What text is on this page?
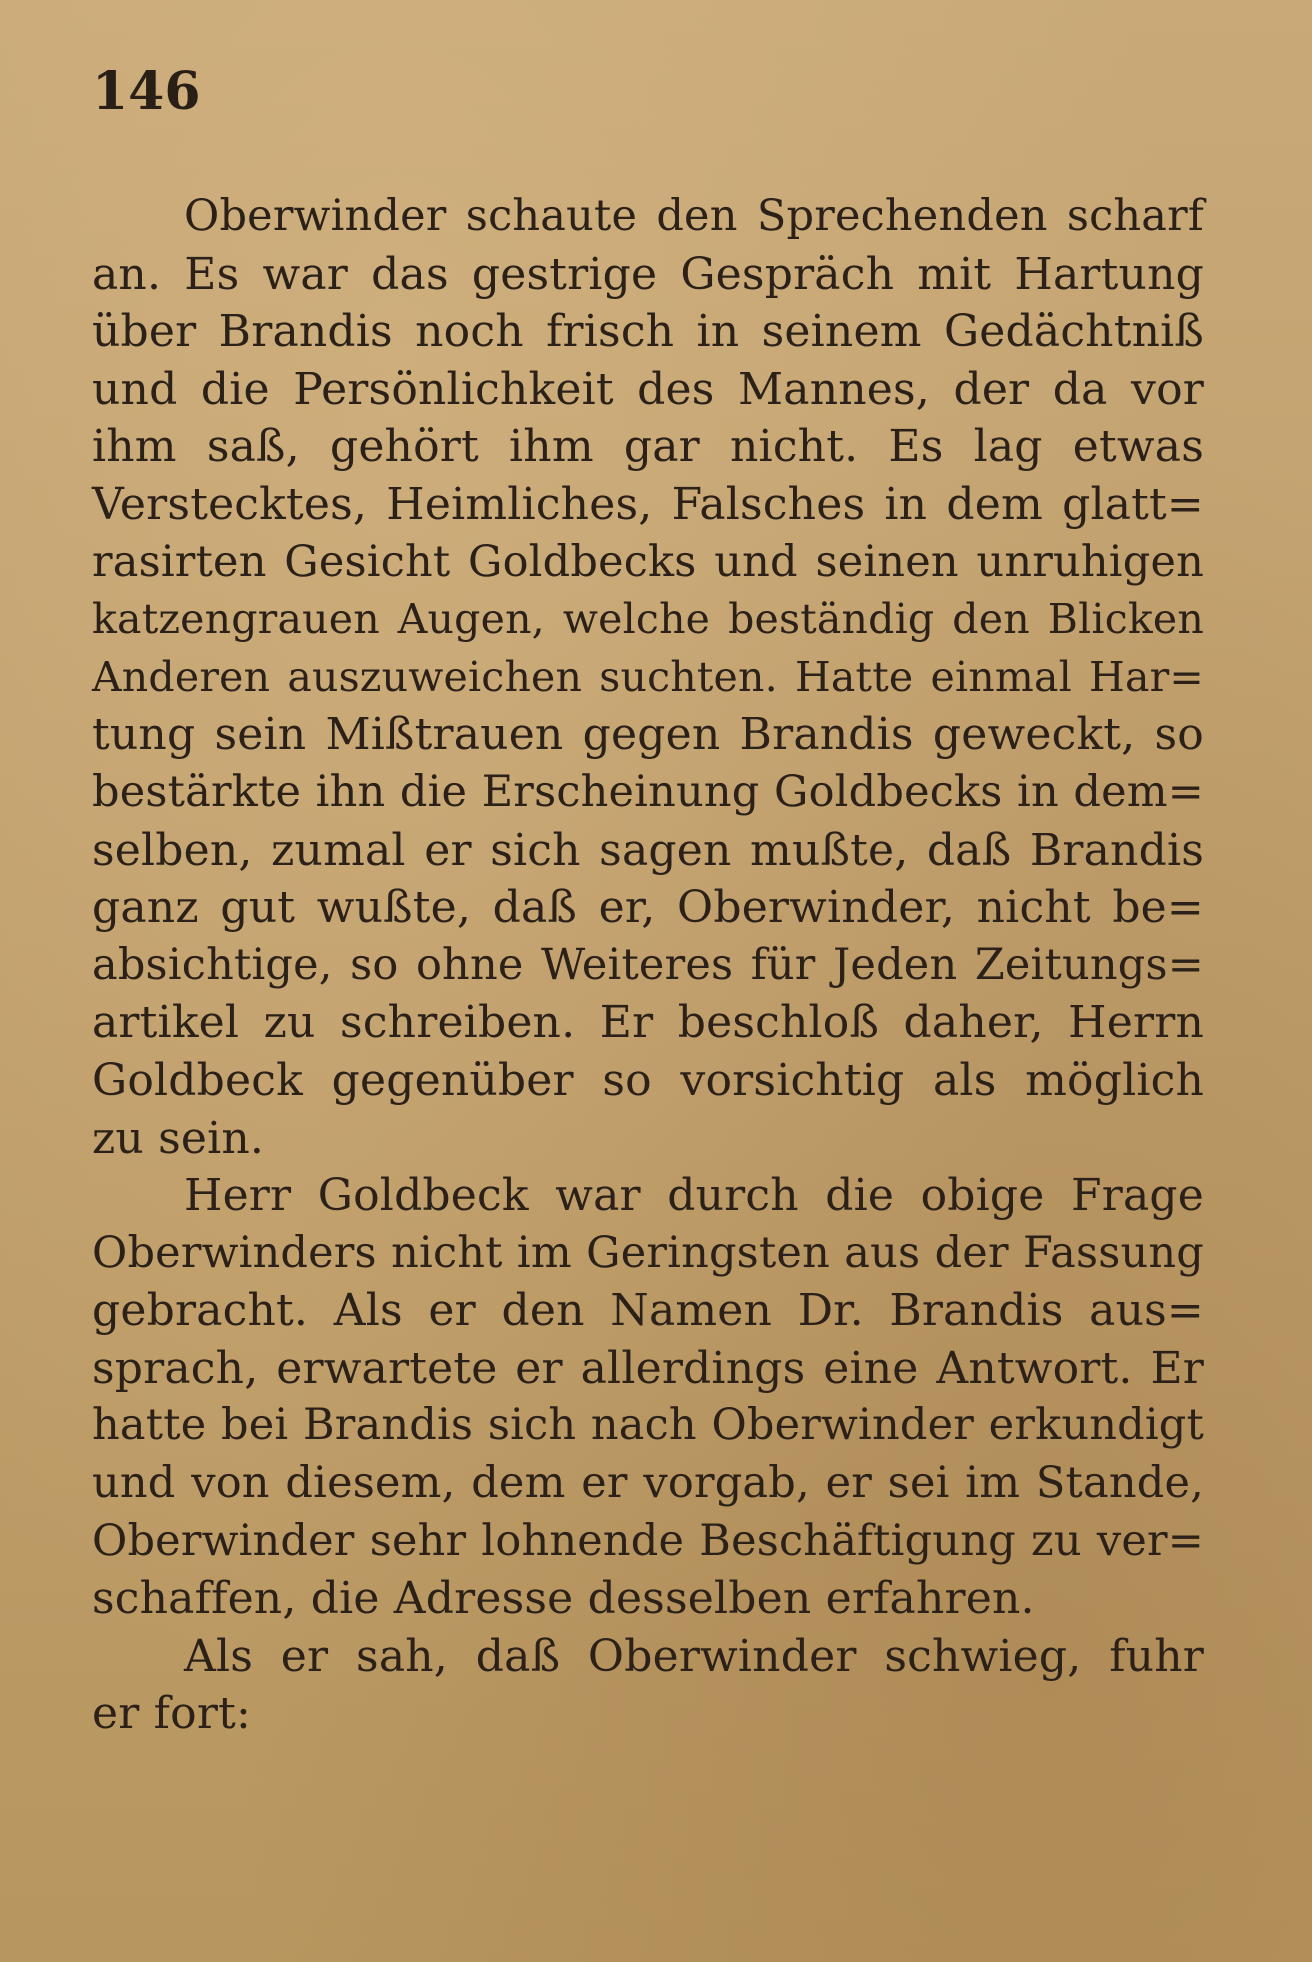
146
Oberwinder schaute den Sprechenden scharf
an. Es war das gestrige Gespräch mit Hartung
über Brandis noch frisch in seinem Gedächtniß
und die Persönlichkeit des Mannes, der da vor
ihm saß, gehört ihm gar nicht. Es lag etwas
Verstecktes, Heimliches, Falsches in dem glatt=
rasirten Gesicht Goldbecks und seinen unruhigen
katzengrauen Augen, welche beständig den Blicken
Anderen auszuweichen suchten. Hatte einmal Har=
tung sein Mißtrauen gegen Brandis geweckt, so
bestärkte ihn die Erscheinung Goldbecks in dem=
selben, zumal er sich sagen mußte, daß Brandis
ganz gut wußte, daß er, Oberwinder, nicht be=
absichtige, so ohne Weiteres für Jeden Zeitungs=
artikel zu schreiben. Er beschloß daher, Herrn
Goldbeck gegenüber so vorsichtig als möglich
zu sein.
Herr Goldbeck war durch die obige Frage
Oberwinders nicht im Geringsten aus der Fassung
gebracht. Als er den Namen Dr. Brandis aus=
sprach, erwartete er allerdings eine Antwort. Er
hatte bei Brandis sich nach Oberwinder erkundigt
und von diesem, dem er vorgab, er sei im Stande,
Oberwinder sehr lohnende Beschäftigung zu ver=
schaffen, die Adresse desselben erfahren.
Als er sah, daß Oberwinder schwieg, fuhr
er fort:
